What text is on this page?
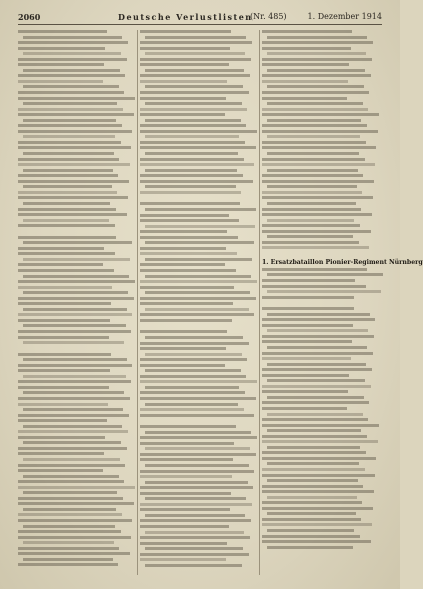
2060	Deutsche Verlustlisten
(Nr. 485)	1. Dezember 1914
1. Ersatzbataillon Pionier-Regiment Nürnberg
